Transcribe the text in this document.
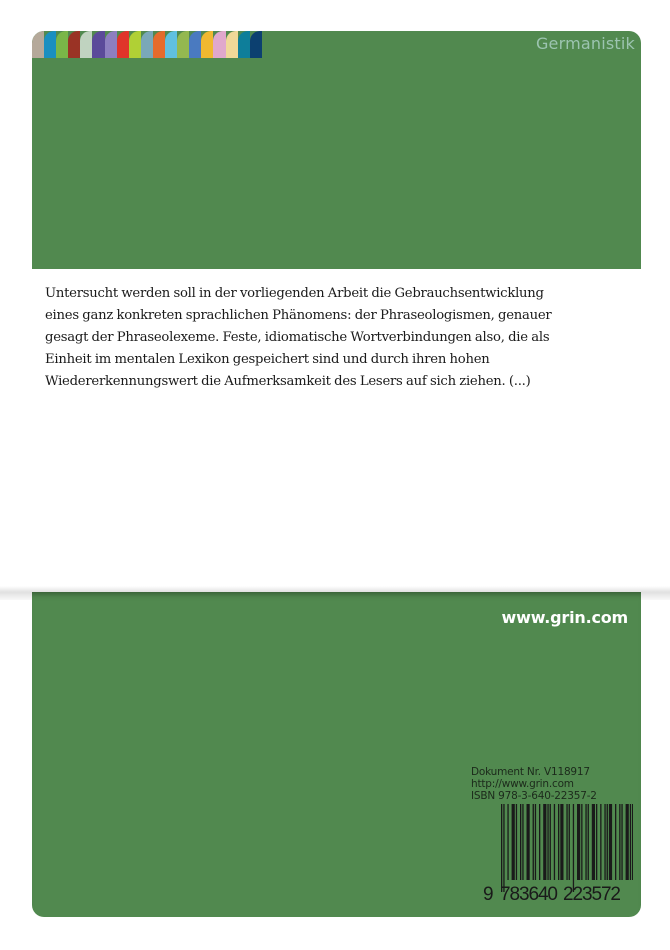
Germanistik
Untersucht werden soll in der vorliegenden Arbeit die Gebrauchsentwicklung
eines ganz konkreten sprachlichen Phänomens: der Phraseologismen, genauer
gesagt der Phraseolexeme. Feste, idiomatische Wortverbindungen also, die als
Einheit im mentalen Lexikon gespeichert sind und durch ihren hohen
Wiedererkennungswert die Aufmerksamkeit des Lesers auf sich ziehen. (...)
www.grin.com
Dokument Nr. V118917
http://www.grin.com
ISBN 978-3-640-22357-2
9 783640 223572
